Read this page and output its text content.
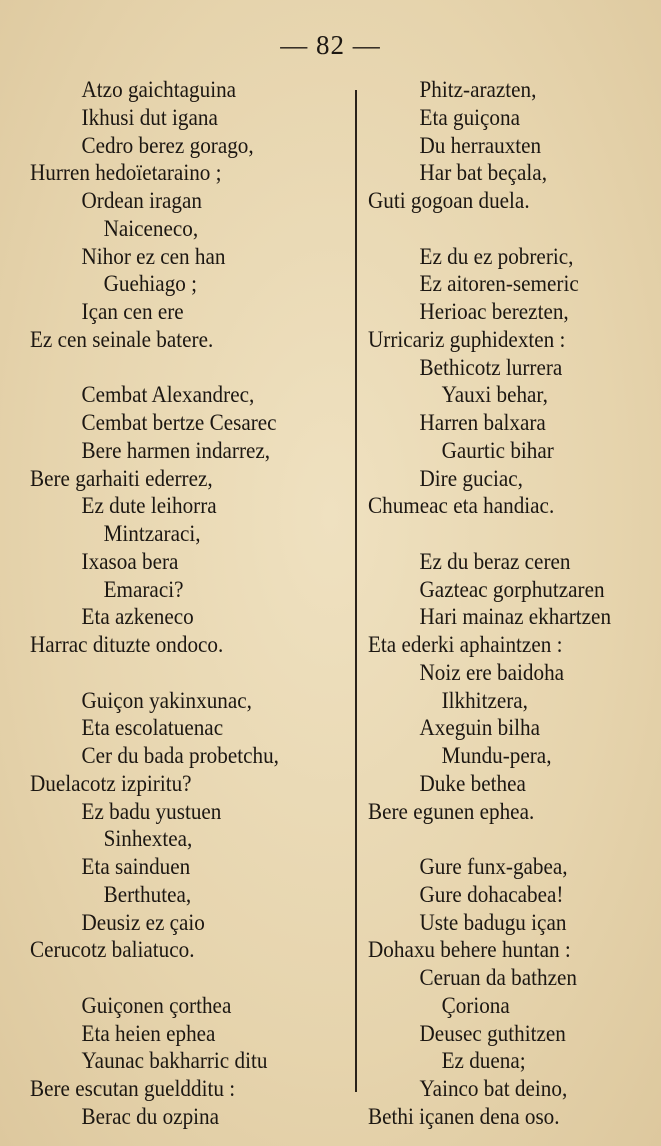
— 82 —
Atzo gaichtaguina
Ikhusi dut igana
Cedro berez gorago,
Hurren hedoïetaraino ;
Ordean iragan
Naiceneco,
Nihor ez cen han
Guehiago ;
Içan cen ere
Ez cen seinale batere.
Cembat Alexandrec,
Cembat bertze Cesarec
Bere harmen indarrez,
Bere garhaiti ederrez,
Ez dute leihorra
Mintzaraci,
Ixasoa bera
Emaraci?
Eta azkeneco
Harrac dituzte ondoco.
Guiçon yakinxunac,
Eta escolatuenac
Cer du bada probetchu,
Duelacotz izpiritu?
Ez badu yustuen
Sinhextea,
Eta sainduen
Berthutea,
Deusiz ez çaio
Cerucotz baliatuco.
Guiçonen çorthea
Eta heien ephea
Yaunac bakharric ditu
Bere escutan gueldditu :
Berac du ozpina
Phitz-arazten,
Eta guiçona
Du herrauxten
Har bat beçala,
Guti gogoan duela.
Ez du ez pobreric,
Ez aitoren-semeric
Herioac berezten,
Urricariz guphidexten :
Bethicotz lurrera
Yauxi behar,
Harren balxara
Gaurtic bihar
Dire guciac,
Chumeac eta handiac.
Ez du beraz ceren
Gazteac gorphutzaren
Hari mainaz ekhartzen
Eta ederki aphaintzen :
Noiz ere baidoha
Ilkhitzera,
Axeguin bilha
Mundu-pera,
Duke bethea
Bere egunen ephea.
Gure funx-gabea,
Gure dohacabea!
Uste badugu içan
Dohaxu behere huntan :
Ceruan da bathzen
Çoriona
Deusec guthitzen
Ez duena;
Yainco bat deino,
Bethi içanen dena oso.
